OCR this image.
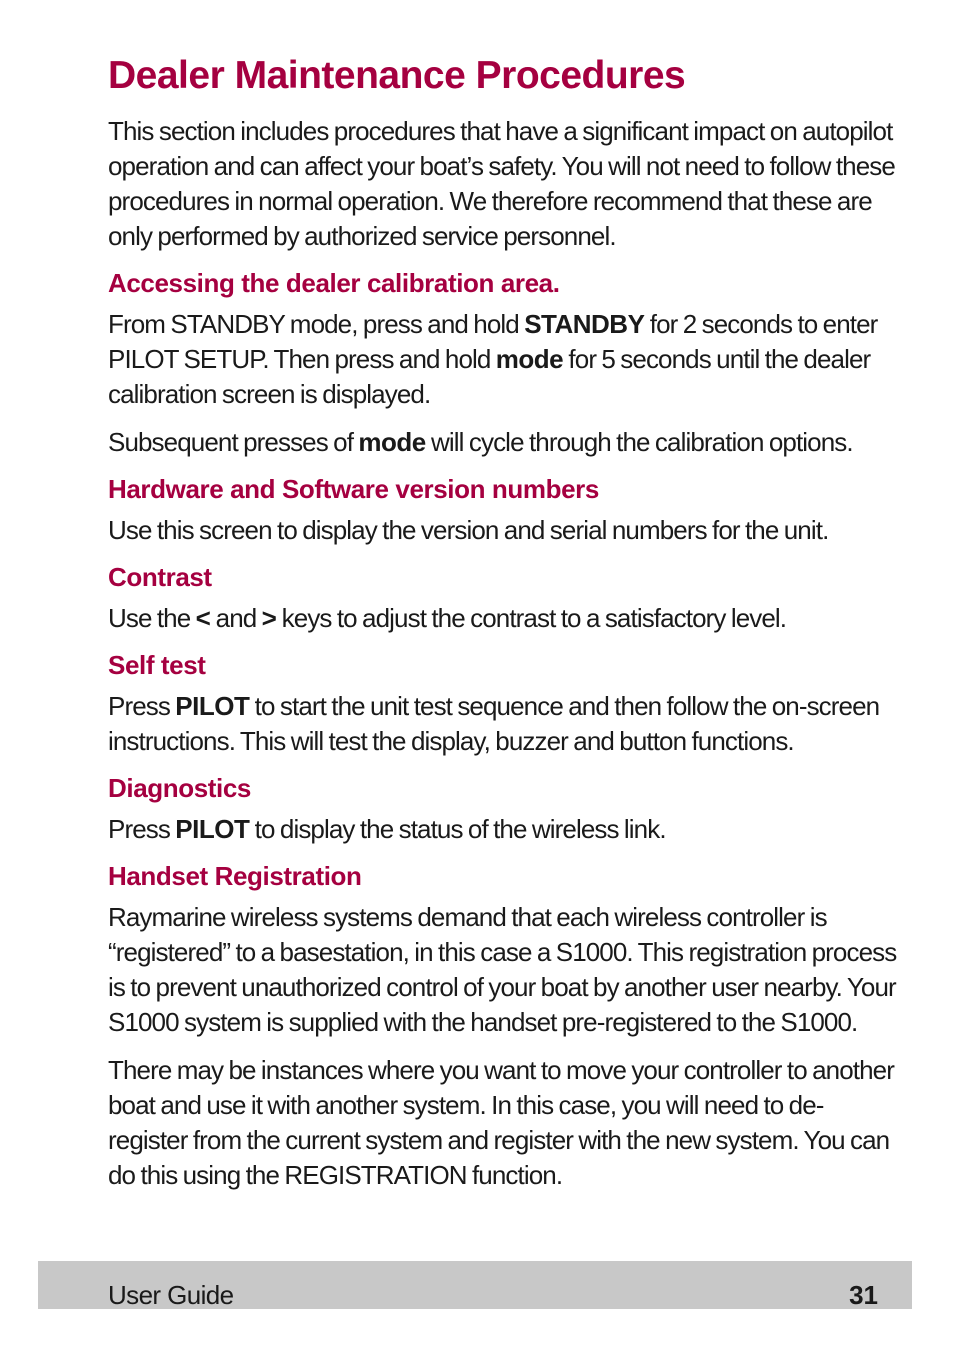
Dealer Maintenance Procedures

This section includes procedures that have a significant impact on autopilot operation and can affect your boat’s safety. You will not need to follow these procedures in normal operation. We therefore recommend that these are only performed by authorized service personnel.

Accessing the dealer calibration area.

From STANDBY mode, press and hold STANDBY for 2 seconds to enter PILOT SETUP. Then press and hold mode for 5 seconds until the dealer calibration screen is displayed.

Subsequent presses of mode will cycle through the calibration options.

Hardware and Software version numbers

Use this screen to display the version and serial numbers for the unit.

Contrast

Use the < and > keys to adjust the contrast to a satisfactory level.

Self test

Press PILOT to start the unit test sequence and then follow the on-screen instructions. This will test the display, buzzer and button functions.

Diagnostics

Press PILOT to display the status of the wireless link.

Handset Registration

Raymarine wireless systems demand that each wireless controller is “registered” to a basestation, in this case a S1000. This registration process is to prevent unauthorized control of your boat by another user nearby. Your S1000 system is supplied with the handset pre-registered to the S1000.

There may be instances where you want to move your controller to another boat and use it with another system. In this case, you will need to de-register from the current system and register with the new system. You can do this using the REGISTRATION function.

User Guide	31
